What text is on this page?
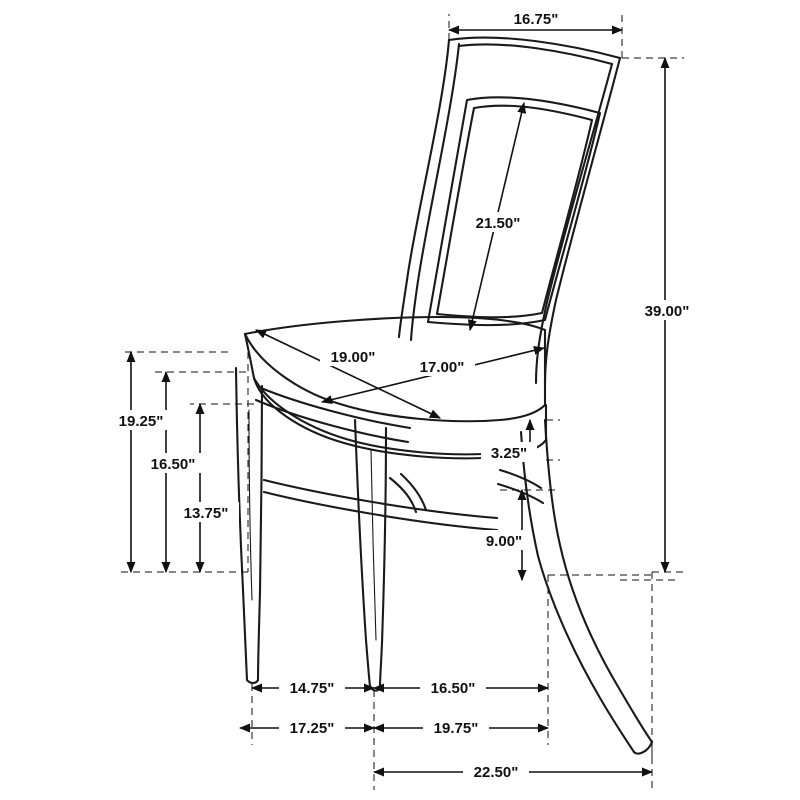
16.75"
21.50"
39.00"
19.00"
17.00"
19.25"
16.50"
13.75"
3.25"
9.00"
14.75"	16.50"
17.25"	19.75"
22.50"
